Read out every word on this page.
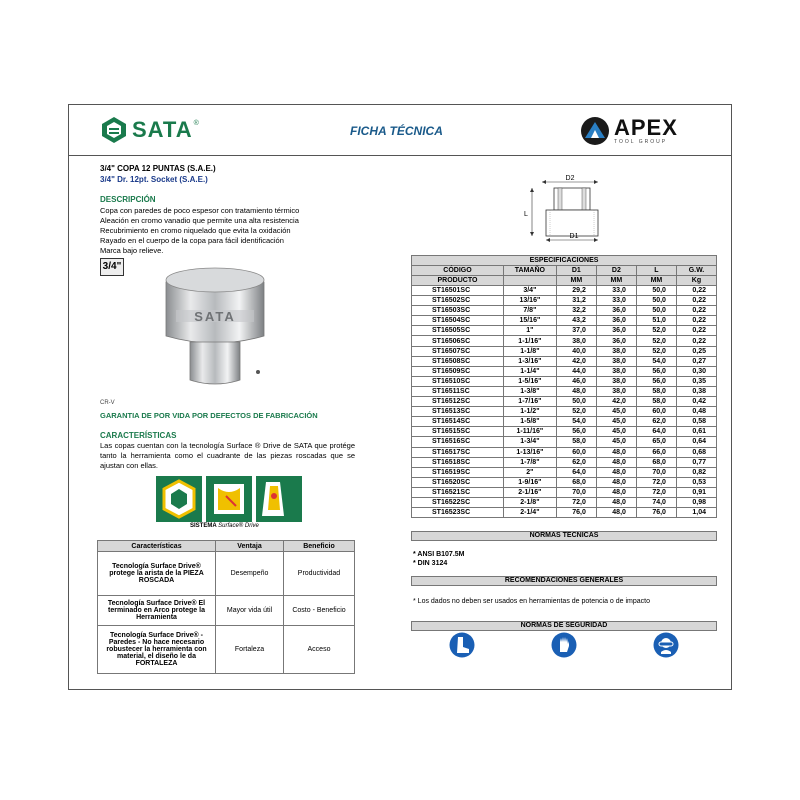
SATA ®
FICHA TÉCNICA	APEX
TOOL GROUP
3/4" COPA 12 PUNTAS (S.A.E.)
3/4" Dr. 12pt. Socket (S.A.E.)
DESCRIPCIÓN
Copa con paredes de poco espesor con tratamiento térmico
Aleación en cromo vanadio que permite una alta resistencia
Recubrimiento en cromo niquelado que evita la oxidación
Rayado en el cuerpo de la copa para fácil identificación
Marca bajo relieve.
3/4"
SATA
CR-V
GARANTIA DE POR VIDA POR DEFECTOS DE FABRICACIÓN
CARACTERÍSTICAS
Las copas cuentan con la tecnología Surface ® Drive de SATA que protége tanto la herramienta como el cuadrante de las piezas roscadas que se ajustan con ellas.
SISTEMA Surface® Drive
Características	Ventaja	Beneficio
Tecnología Surface Drive® protege la arista de la PIEZA ROSCADA	Desempeño	Productividad
Tecnología Surface Drive® El terminado en Arco protege la Herramienta	Mayor vida útil	Costo - Beneficio
Tecnología Surface Drive® - Paredes - No hace necesario robustecer la herramienta con material, el diseño le da FORTALEZA	Fortaleza	Acceso
D2
L
D1
ESPECIFICACIONES					
CÓDIGO	TAMAÑO	D1	D2	L	G.W.
PRODUCTO		MM	MM	MM	Kg
ST16501SC	3/4"	29,2	33,0	50,0	0,22
ST16502SC	13/16"	31,2	33,0	50,0	0,22
ST16503SC	7/8"	32,2	36,0	50,0	0,22
ST16504SC	15/16"	43,2	36,0	51,0	0,22
ST16505SC	1"	37,0	36,0	52,0	0,22
ST16506SC	1-1/16"	38,0	36,0	52,0	0,22
ST16507SC	1-1/8"	40,0	38,0	52,0	0,25
ST16508SC	1-3/16"	42,0	38,0	54,0	0,27
ST16509SC	1-1/4"	44,0	38,0	56,0	0,30
ST16510SC	1-5/16"	46,0	38,0	56,0	0,35
ST16511SC	1-3/8"	48,0	38,0	58,0	0,38
ST16512SC	1-7/16"	50,0	42,0	58,0	0,42
ST16513SC	1-1/2"	52,0	45,0	60,0	0,48
ST16514SC	1-5/8"	54,0	45,0	62,0	0,58
ST16515SC	1-11/16"	56,0	45,0	64,0	0,61
ST16516SC	1-3/4"	58,0	45,0	65,0	0,64
ST16517SC	1-13/16"	60,0	48,0	66,0	0,68
ST16518SC	1-7/8"	62,0	48,0	68,0	0,77
ST16519SC	2"	64,0	48,0	70,0	0,82
ST16520SC	1-9/16"	68,0	48,0	72,0	0,53
ST16521SC	2-1/16"	70,0	48,0	72,0	0,91
ST16522SC	2-1/8"	72,0	48,0	74,0	0,98
ST16523SC	2-1/4"	76,0	48,0	76,0	1,04
NORMAS TECNICAS
* ANSI B107.5M
* DIN 3124
RECOMENDACIONES GENERALES
* Los dados no deben ser usados en herramientas de potencia o de impacto
NORMAS DE SEGURIDAD
